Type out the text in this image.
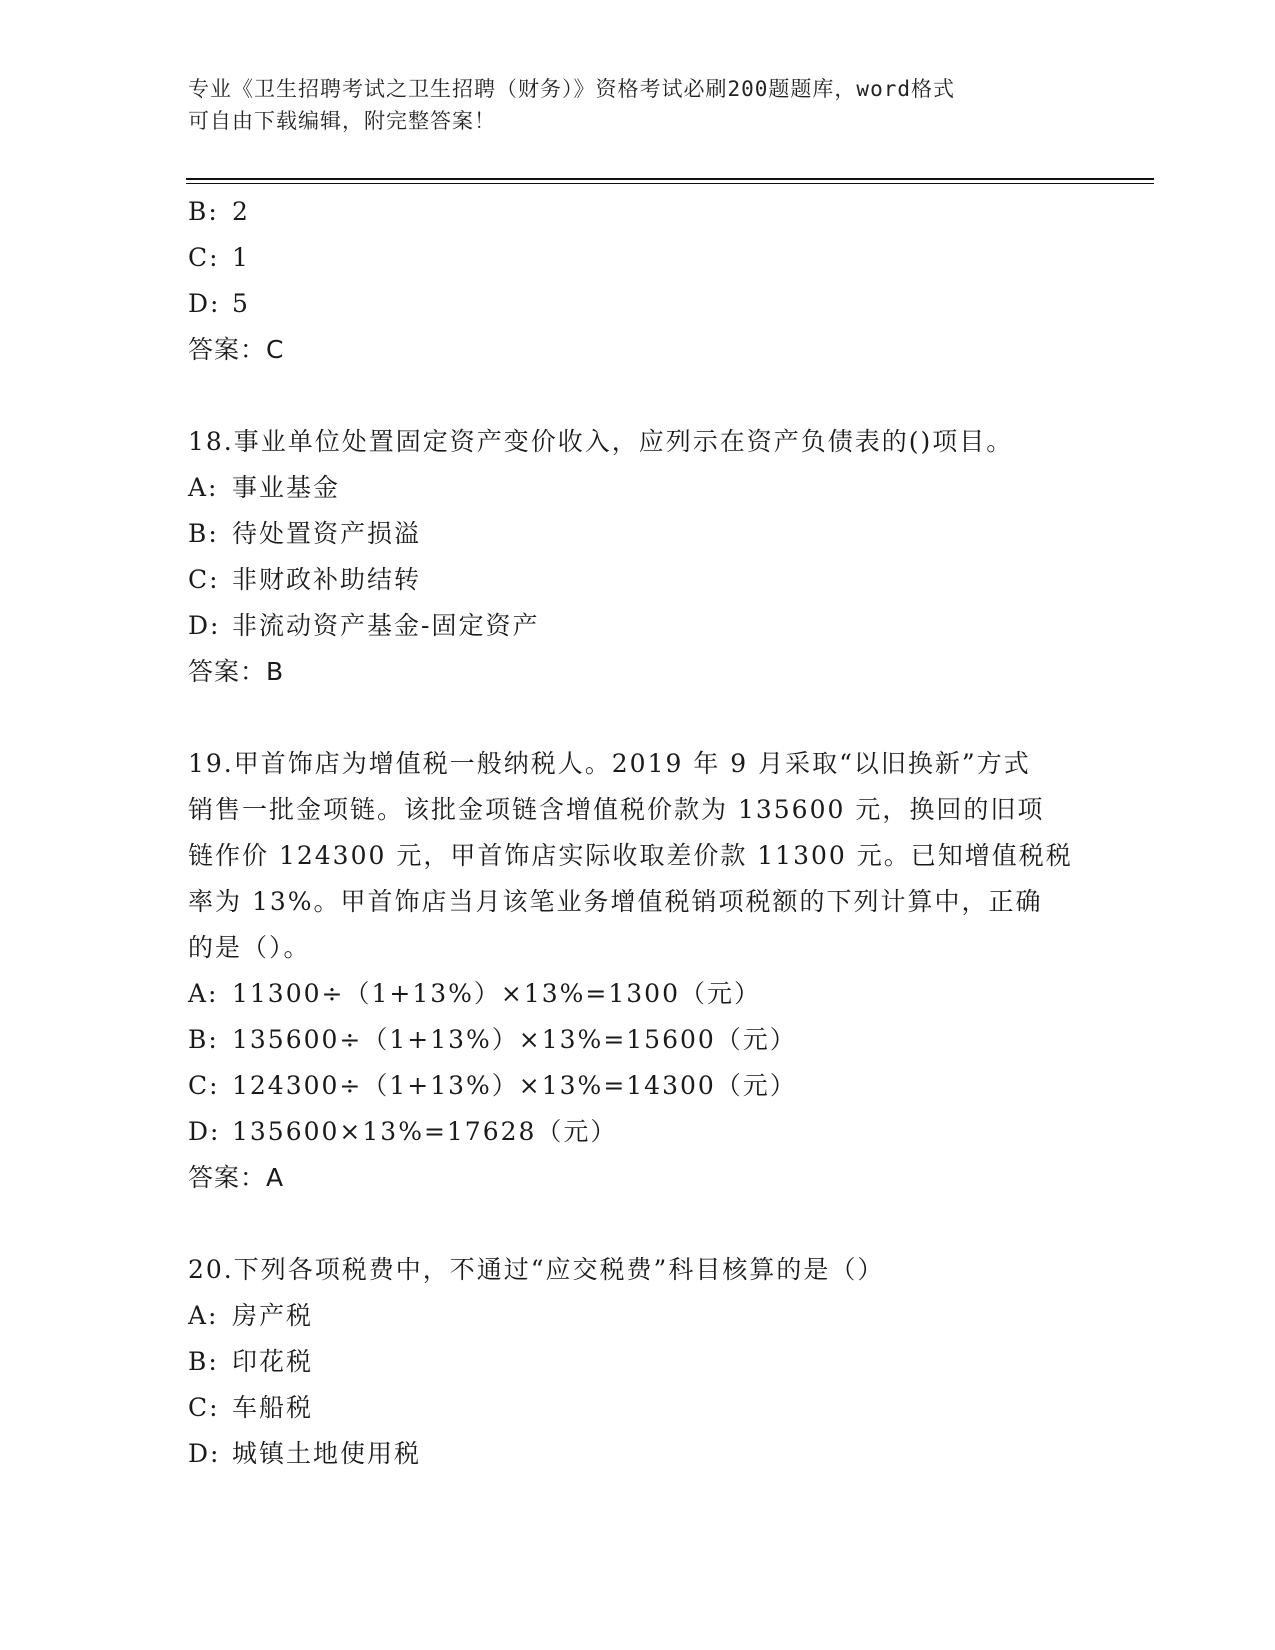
专业《卫生招聘考试之卫生招聘（财务）》资格考试必刷200题题库，word格式
可自由下载编辑，附完整答案！
B: 2
C: 1
D: 5
答案：C
18.事业单位处置固定资产变价收入，应列示在资产负债表的()项目。
A: 事业基金
B: 待处置资产损溢
C: 非财政补助结转
D: 非流动资产基金-固定资产
答案：B
19.甲首饰店为增值税一般纳税人。2019 年 9 月采取“以旧换新”方式
销售一批金项链。该批金项链含增值税价款为 135600 元，换回的旧项
链作价 124300 元，甲首饰店实际收取差价款 11300 元。已知增值税税
率为 13%。甲首饰店当月该笔业务增值税销项税额的下列计算中，正确
的是（）。
A: 11300÷（1+13%）×13%=1300（元）
B: 135600÷（1+13%）×13%=15600（元）
C: 124300÷（1+13%）×13%=14300（元）
D: 135600×13%=17628（元）
答案：A
20.下列各项税费中，不通过“应交税费”科目核算的是（）
A: 房产税
B: 印花税
C: 车船税
D: 城镇土地使用税
